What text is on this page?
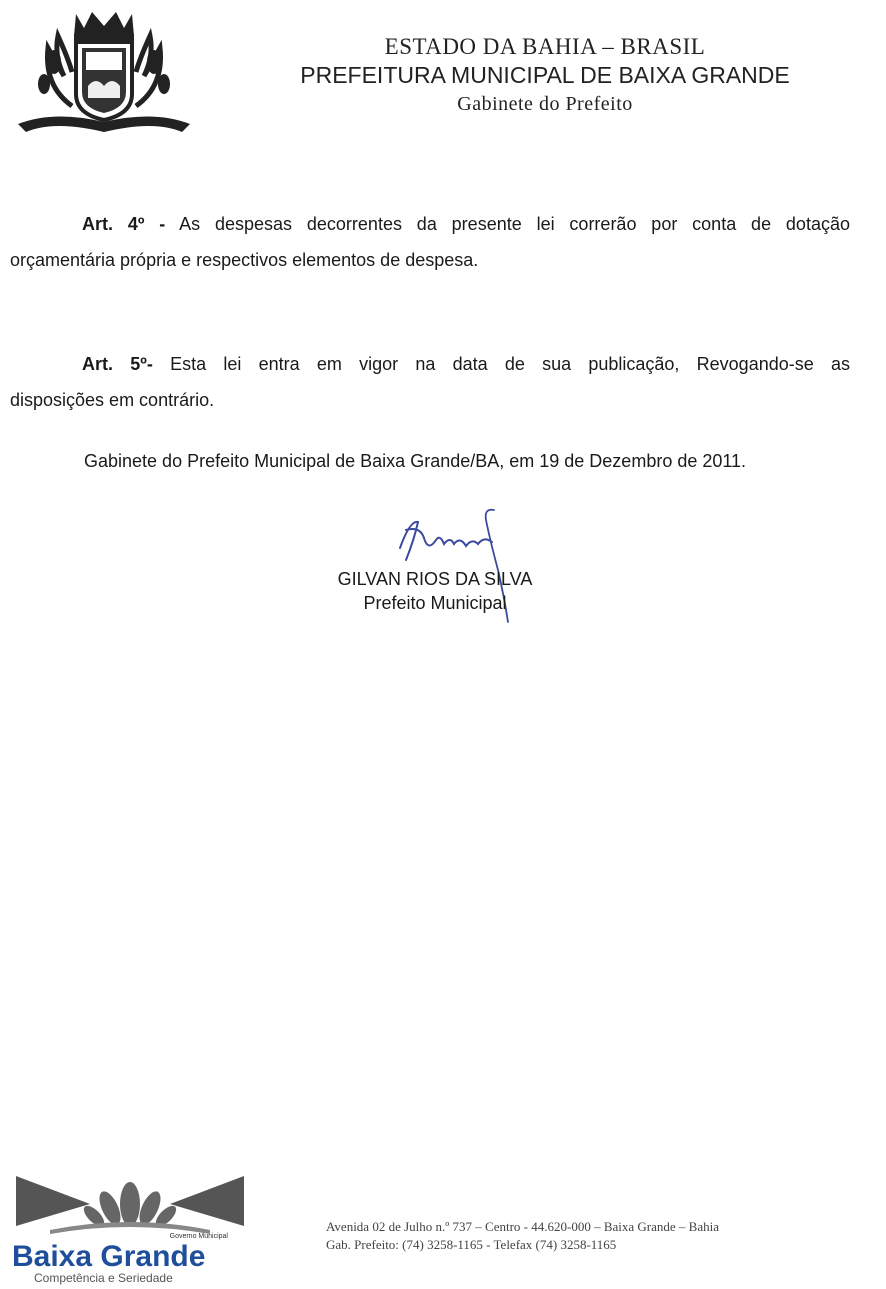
ESTADO DA BAHIA – BRASIL
PREFEITURA MUNICIPAL DE BAIXA GRANDE
Gabinete do Prefeito

Art. 4º - As despesas decorrentes da presente lei correrão por conta de dotação

orçamentária própria e respectivos elementos de despesa.

Art. 5º- Esta lei entra em vigor na data de sua publicação, Revogando-se as

disposições em contrário.

Gabinete do Prefeito Municipal de Baixa Grande/BA, em 19 de Dezembro de 2011.
GILVAN RIOS DA SILVA
Prefeito Municipal
Governo Municipal
Baixa Grande
Competência e Seriedade
Avenida 02 de Julho n.º 737 – Centro - 44.620-000 – Baixa Grande – Bahia
Gab. Prefeito: (74) 3258-1165 - Telefax (74) 3258-1165
